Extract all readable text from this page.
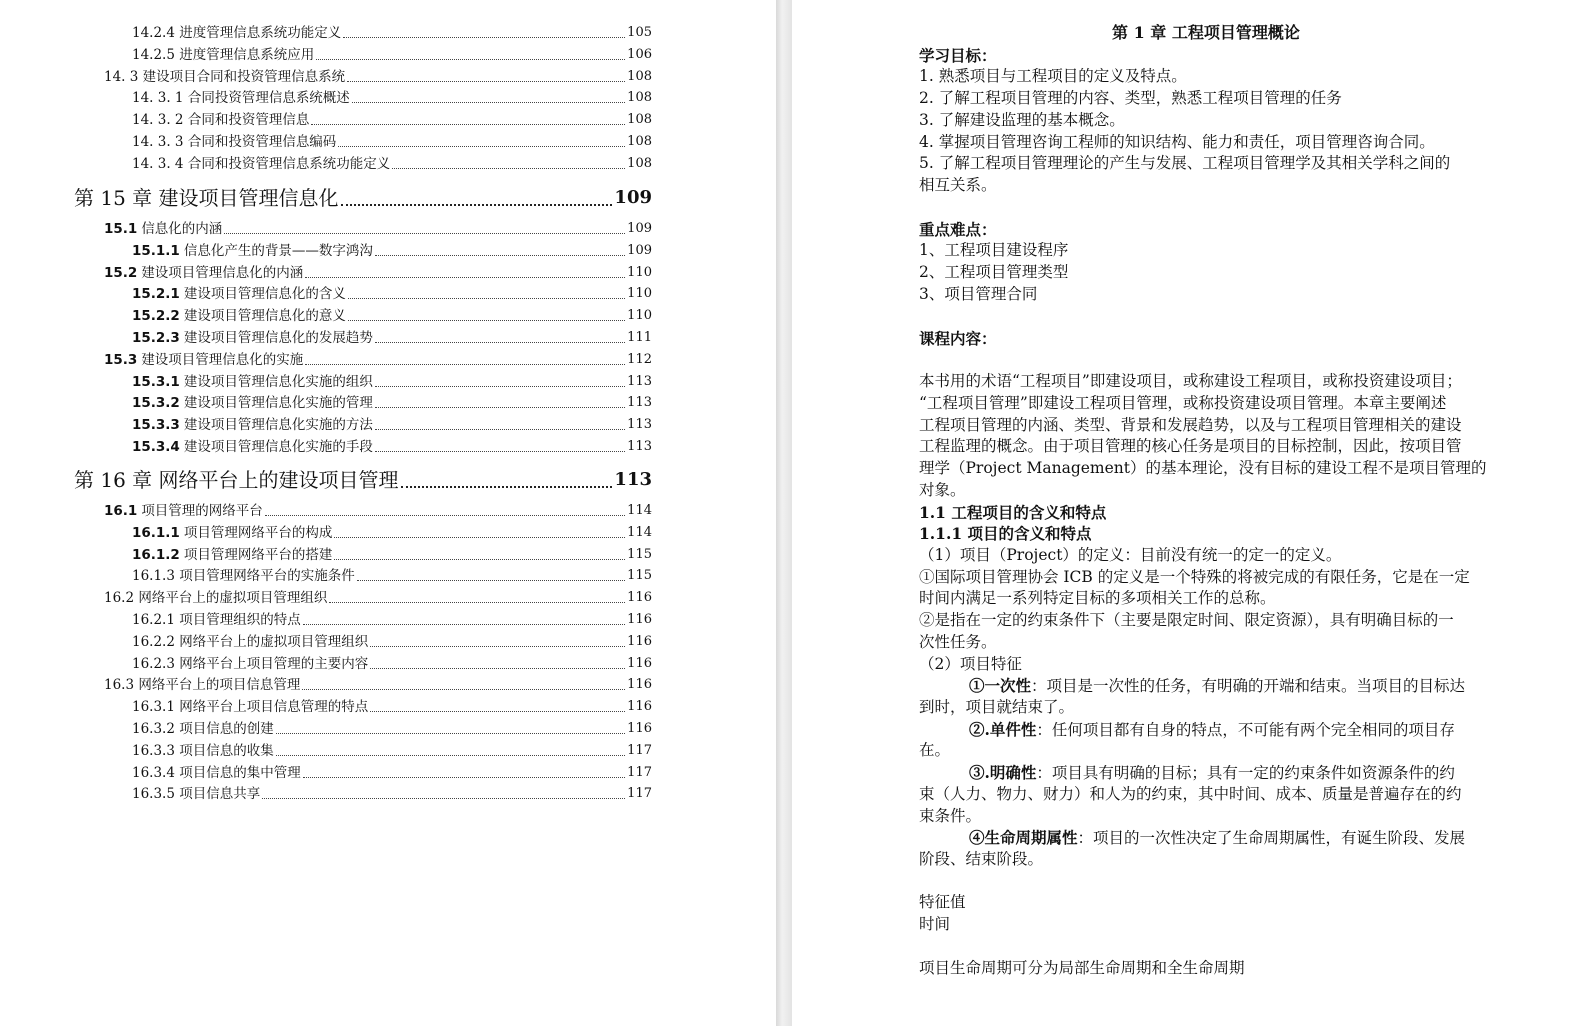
14.2.4 进度管理信息系统功能定义	105
14.2.5 进度管理信息系统应用	106
14. 3 建设项目合同和投资管理信息系统	108
14. 3. 1 合同投资管理信息系统概述	108
14. 3. 2 合同和投资管理信息	108
14. 3. 3 合同和投资管理信息编码	108
14. 3. 4 合同和投资管理信息系统功能定义	108
第 15 章 建设项目管理信息化	109
15.1 信息化的内涵	109
15.1.1 信息化产生的背景——数字鸿沟	109
15.2 建设项目管理信息化的内涵	110
15.2.1 建设项目管理信息化的含义	110
15.2.2 建设项目管理信息化的意义	110
15.2.3 建设项目管理信息化的发展趋势	111
15.3 建设项目管理信息化的实施	112
15.3.1 建设项目管理信息化实施的组织	113
15.3.2 建设项目管理信息化实施的管理	113
15.3.3 建设项目管理信息化实施的方法	113
15.3.4 建设项目管理信息化实施的手段	113
第 16 章 网络平台上的建设项目管理	113
16.1 项目管理的网络平台	114
16.1.1 项目管理网络平台的构成	114
16.1.2 项目管理网络平台的搭建	115
16.1.3 项目管理网络平台的实施条件	115
16.2 网络平台上的虚拟项目管理组织	116
16.2.1 项目管理组织的特点	116
16.2.2 网络平台上的虚拟项目管理组织	116
16.2.3 网络平台上项目管理的主要内容	116
16.3 网络平台上的项目信息管理	116
16.3.1 网络平台上项目信息管理的特点	116
16.3.2 项目信息的创建	116
16.3.3 项目信息的收集	117
16.3.4 项目信息的集中管理	117
16.3.5 项目信息共享	117
第 1 章 工程项目管理概论
学习目标：
1. 熟悉项目与工程项目的定义及特点。
2. 了解工程项目管理的内容、类型，熟悉工程项目管理的任务
3. 了解建设监理的基本概念。
4. 掌握项目管理咨询工程师的知识结构、能力和责任，项目管理咨询合同。
5. 了解工程项目管理理论的产生与发展、工程项目管理学及其相关学科之间的
相互关系。
重点难点：
1、工程项目建设程序
2、工程项目管理类型
3、项目管理合同
课程内容：
本书用的术语“工程项目”即建设项目，或称建设工程项目，或称投资建设项目；
“工程项目管理”即建设工程项目管理，或称投资建设项目管理。本章主要阐述
工程项目管理的内涵、类型、背景和发展趋势，以及与工程项目管理相关的建设
工程监理的概念。由于项目管理的核心任务是项目的目标控制，因此，按项目管
理学（Project Management）的基本理论，没有目标的建设工程不是项目管理的
对象。
1.1 工程项目的含义和特点
1.1.1 项目的含义和特点
（1）项目（Project）的定义：目前没有统一的定一的定义。
①国际项目管理协会 ICB 的定义是一个特殊的将被完成的有限任务，它是在一定
时间内满足一系列特定目标的多项相关工作的总称。
②是指在一定的约束条件下（主要是限定时间、限定资源），具有明确目标的一
次性任务。
（2）项目特征
①一次性：项目是一次性的任务，有明确的开端和结束。当项目的目标达
到时，项目就结束了。
②.单件性：任何项目都有自身的特点，不可能有两个完全相同的项目存
在。
③.明确性：项目具有明确的目标；具有一定的约束条件如资源条件的约
束（人力、物力、财力）和人为的约束，其中时间、成本、质量是普遍存在的约
束条件。
④生命周期属性：项目的一次性决定了生命周期属性，有诞生阶段、发展
阶段、结束阶段。
特征值
时间
项目生命周期可分为局部生命周期和全生命周期
